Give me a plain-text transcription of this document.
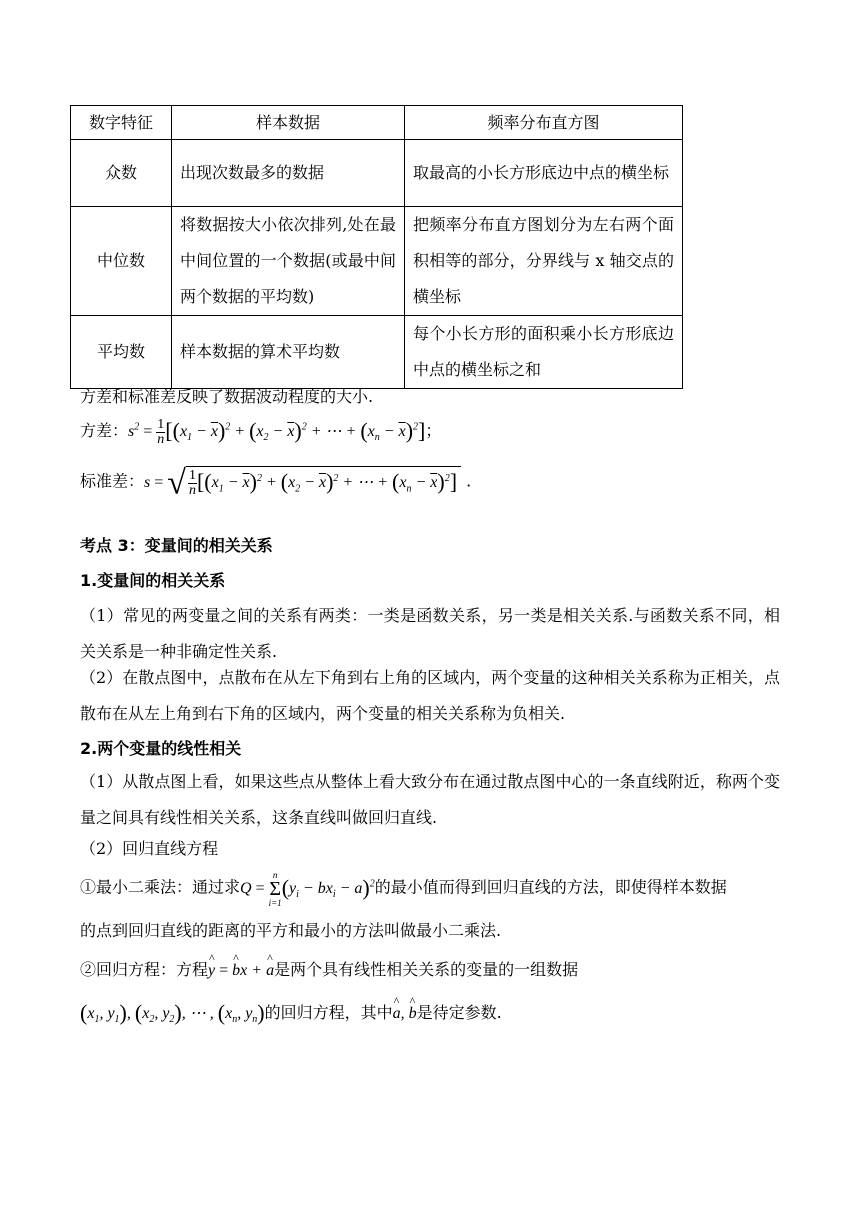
数字特征	样本数据	频率分布直方图
众数	出现次数最多的数据	取最高的小长方形底边中点的横坐标
中位数	将数据按大小依次排列,处在最中间位置的一个数据(或最中间两个数据的平均数)	把频率分布直方图划分为左右两个面积相等的部分，分界线与 x 轴交点的横坐标
平均数	样本数据的算术平均数	每个小长方形的面积乘小长方形底边中点的横坐标之和
方差和标准差反映了数据波动程度的大小.
方差：$s^2 = \frac{1}{n} [(x_1 - \overline{x})^2 + (x_2 - \overline{x})^2$ + ⋯ + $(x_n - \overline{x})^2$]；
标准差：s = √ $\frac{1}{n} [(x_1 - \overline{x})^2 + (x_2 - \overline{x})^2$ + ⋯ + $(x_n - \overline{x})^2$] .
考点 3：变量间的相关关系
1.变量间的相关关系
（1）常见的两变量之间的关系有两类：一类是函数关系，另一类是相关关系.与函数关系不同，相关关系是一种非确定性关系.
（2）在散点图中，点散布在从左下角到右上角的区域内，两个变量的这种相关关系称为正相关，点散布在从左上角到右下角的区域内，两个变量的相关关系称为负相关.
2.两个变量的线性相关
（1）从散点图上看，如果这些点从整体上看大致分布在通过散点图中心的一条直线附近，称两个变量之间具有线性相关关系，这条直线叫做回归直线.
（2）回归直线方程
①最小二乘法：通过求Q =
n
Σ
i=1
$(y_i - bx_i - a)^2$的最小值而得到回归直线的方法，即使得样本数据
的点到回归直线的距离的平方和最小的方法叫做最小二乘法.
②回归方程：方程^ y = ^ bx + ^ a是两个具有线性相关关系的变量的一组数据
($x_1$, $y_1$), ($x_2$, $y_2$), ⋯ , ($x_n$, $y_n$)的回归方程，其中^ a, ^ b是待定参数.
